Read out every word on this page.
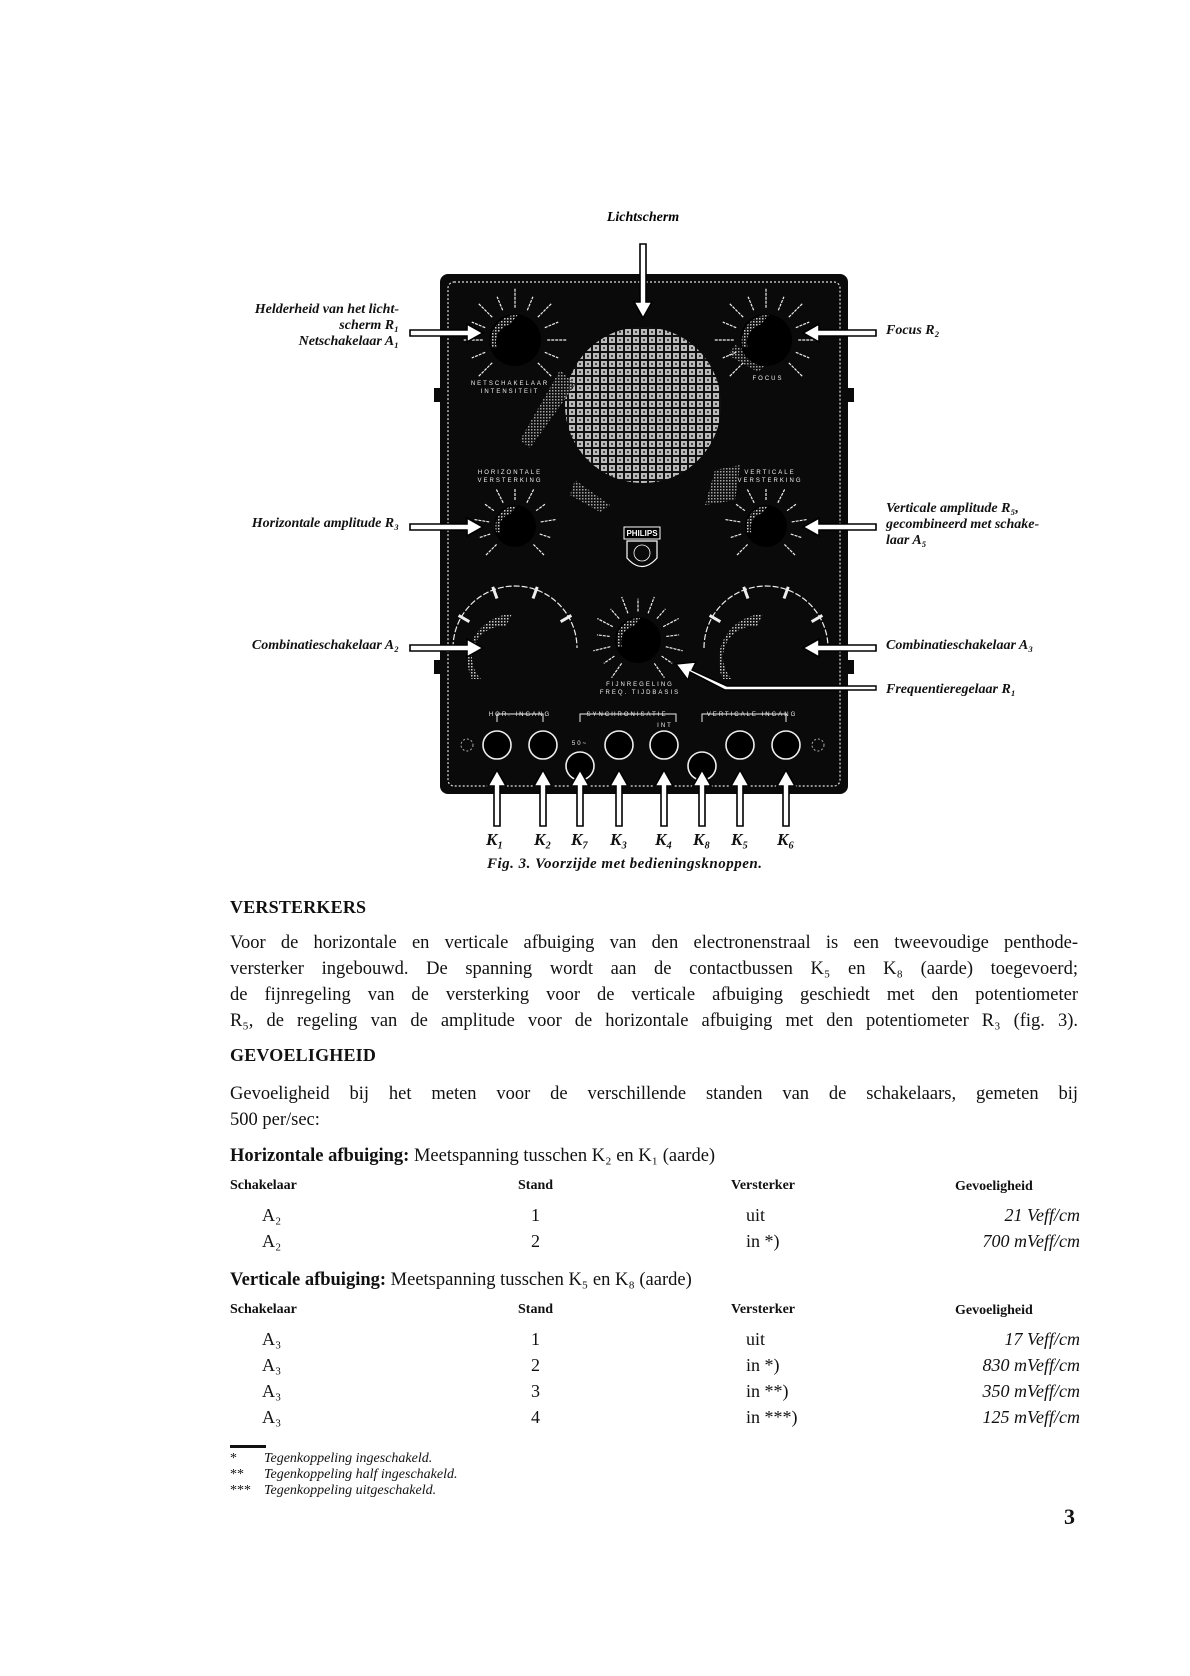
PHILIPS
NETSCHAKELAAR
INTENSITEIT
FOCUS
HORIZONTALE
VERSTERKING
VERTICALE
VERSTERKING
FIJNREGELING
FREQ. TIJDBASIS
HOR. INGANG	SYNCHRONISATIE
INT
50~
VERTICALE INGANG
Lichtscherm
Helderheid van het licht-
scherm R₁
Netschakelaar A₁
Horizontale amplitude R₃
Combinatieschakelaar A₂
Focus R₂
Verticale amplitude R₅,
gecombineerd met schake-
laar A₅
Combinatieschakelaar A₃
Frequentieregelaar R₁
K₁ K₂ K₇ K₃ K₄ K₈ K₅ K₆
Fig. 3. Voorzijde met bedieningsknoppen.
VERSTERKERS
Voor de horizontale en verticale afbuiging van den electronenstraal is een tweevoudige penthode-
versterker ingebouwd. De spanning wordt aan de contactbussen K₅ en K₈ (aarde) toegevoerd;
de fijnregeling van de versterking voor de verticale afbuiging geschiedt met den potentiometer
R₅, de regeling van de amplitude voor de horizontale afbuiging met den potentiometer R₃ (fig. 3).
GEVOELIGHEID
Gevoeligheid bij het meten voor de verschillende standen van de schakelaars, gemeten bij
500 per/sec:
Horizontale afbuiging: Meetspanning tusschen K₂ en K₁ (aarde)
Schakelaar	Stand	Versterker	Gevoeligheid
A₂	1	uit	21 Veff/cm
A₂	2	in *)	700 mVeff/cm
Verticale afbuiging: Meetspanning tusschen K₅ en K₈ (aarde)
Schakelaar	Stand	Versterker	Gevoeligheid
A₃	1	uit	17 Veff/cm
A₃	2	in *)	830 mVeff/cm
A₃	3	in **)	350 mVeff/cm
A₃	4	in ***)	125 mVeff/cm
* Tegenkoppeling ingeschakeld.
** Tegenkoppeling half ingeschakeld.
*** Tegenkoppeling uitgeschakeld.
3
